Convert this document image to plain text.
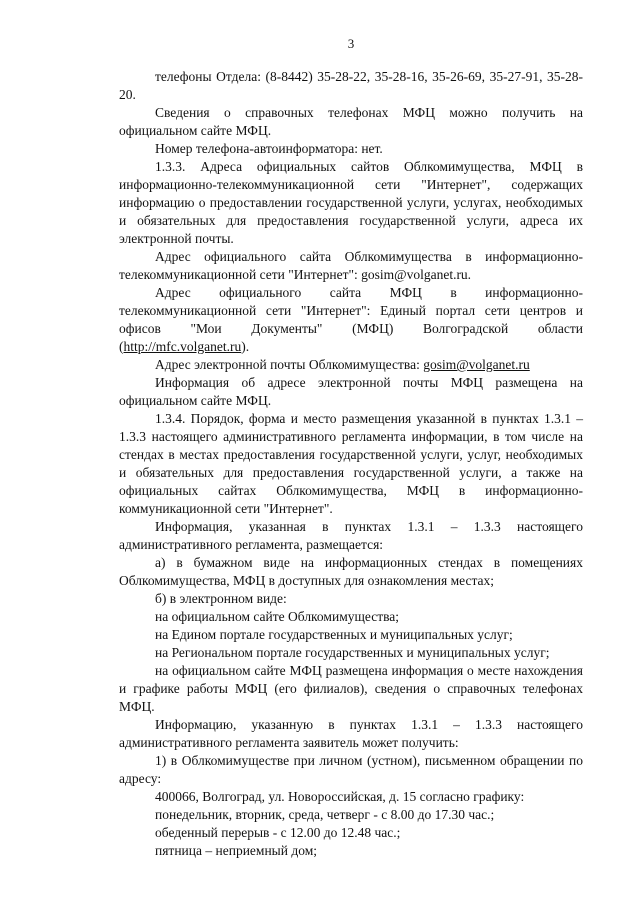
3

телефоны Отдела: (8-8442) 35-28-22, 35-28-16, 35-26-69, 35-27-91, 35-28-20.

Сведения о справочных телефонах МФЦ можно получить на официальном сайте МФЦ.

Номер телефона-автоинформатора: нет.

1.3.3. Адреса официальных сайтов Облкомимущества, МФЦ в информационно-телекоммуникационной сети "Интернет", содержащих информацию о предоставлении государственной услуги, услугах, необходимых и обязательных для предоставления государственной услуги, адреса их электронной почты.

Адрес официального сайта Облкомимущества в информационно-телекоммуникационной сети "Интернет": gosim@volganet.ru.

Адрес официального сайта МФЦ в информационно-телекоммуникационной сети "Интернет": Единый портал сети центров и офисов "Мои Документы" (МФЦ) Волгоградской области (http://mfc.volganet.ru).

Адрес электронной почты Облкомимущества: gosim@volganet.ru

Информация об адресе электронной почты МФЦ размещена на официальном сайте МФЦ.

1.3.4. Порядок, форма и место размещения указанной в пунктах 1.3.1 – 1.3.3 настоящего административного регламента информации, в том числе на стендах в местах предоставления государственной услуги, услуг, необходимых и обязательных для предоставления государственной услуги, а также на официальных сайтах Облкомимущества, МФЦ в информационно-коммуникационной сети "Интернет".

Информация, указанная в пунктах 1.3.1 – 1.3.3 настоящего административного регламента, размещается:

а) в бумажном виде на информационных стендах в помещениях Облкомимущества, МФЦ в доступных для ознакомления местах;

б) в электронном виде:

на официальном сайте Облкомимущества;

на Едином портале государственных и муниципальных услуг;

на Региональном портале государственных и муниципальных услуг;

на официальном сайте МФЦ размещена информация о месте нахождения и графике работы МФЦ (его филиалов), сведения о справочных телефонах МФЦ.

Информацию, указанную в пунктах 1.3.1 – 1.3.3 настоящего административного регламента заявитель может получить:

1) в Облкомимуществе при личном (устном), письменном обращении по адресу:

400066, Волгоград, ул. Новороссийская, д. 15 согласно графику:

понедельник, вторник, среда, четверг - с 8.00 до 17.30 час.;

обеденный перерыв - с 12.00 до 12.48 час.;

пятница – неприемный дом;
